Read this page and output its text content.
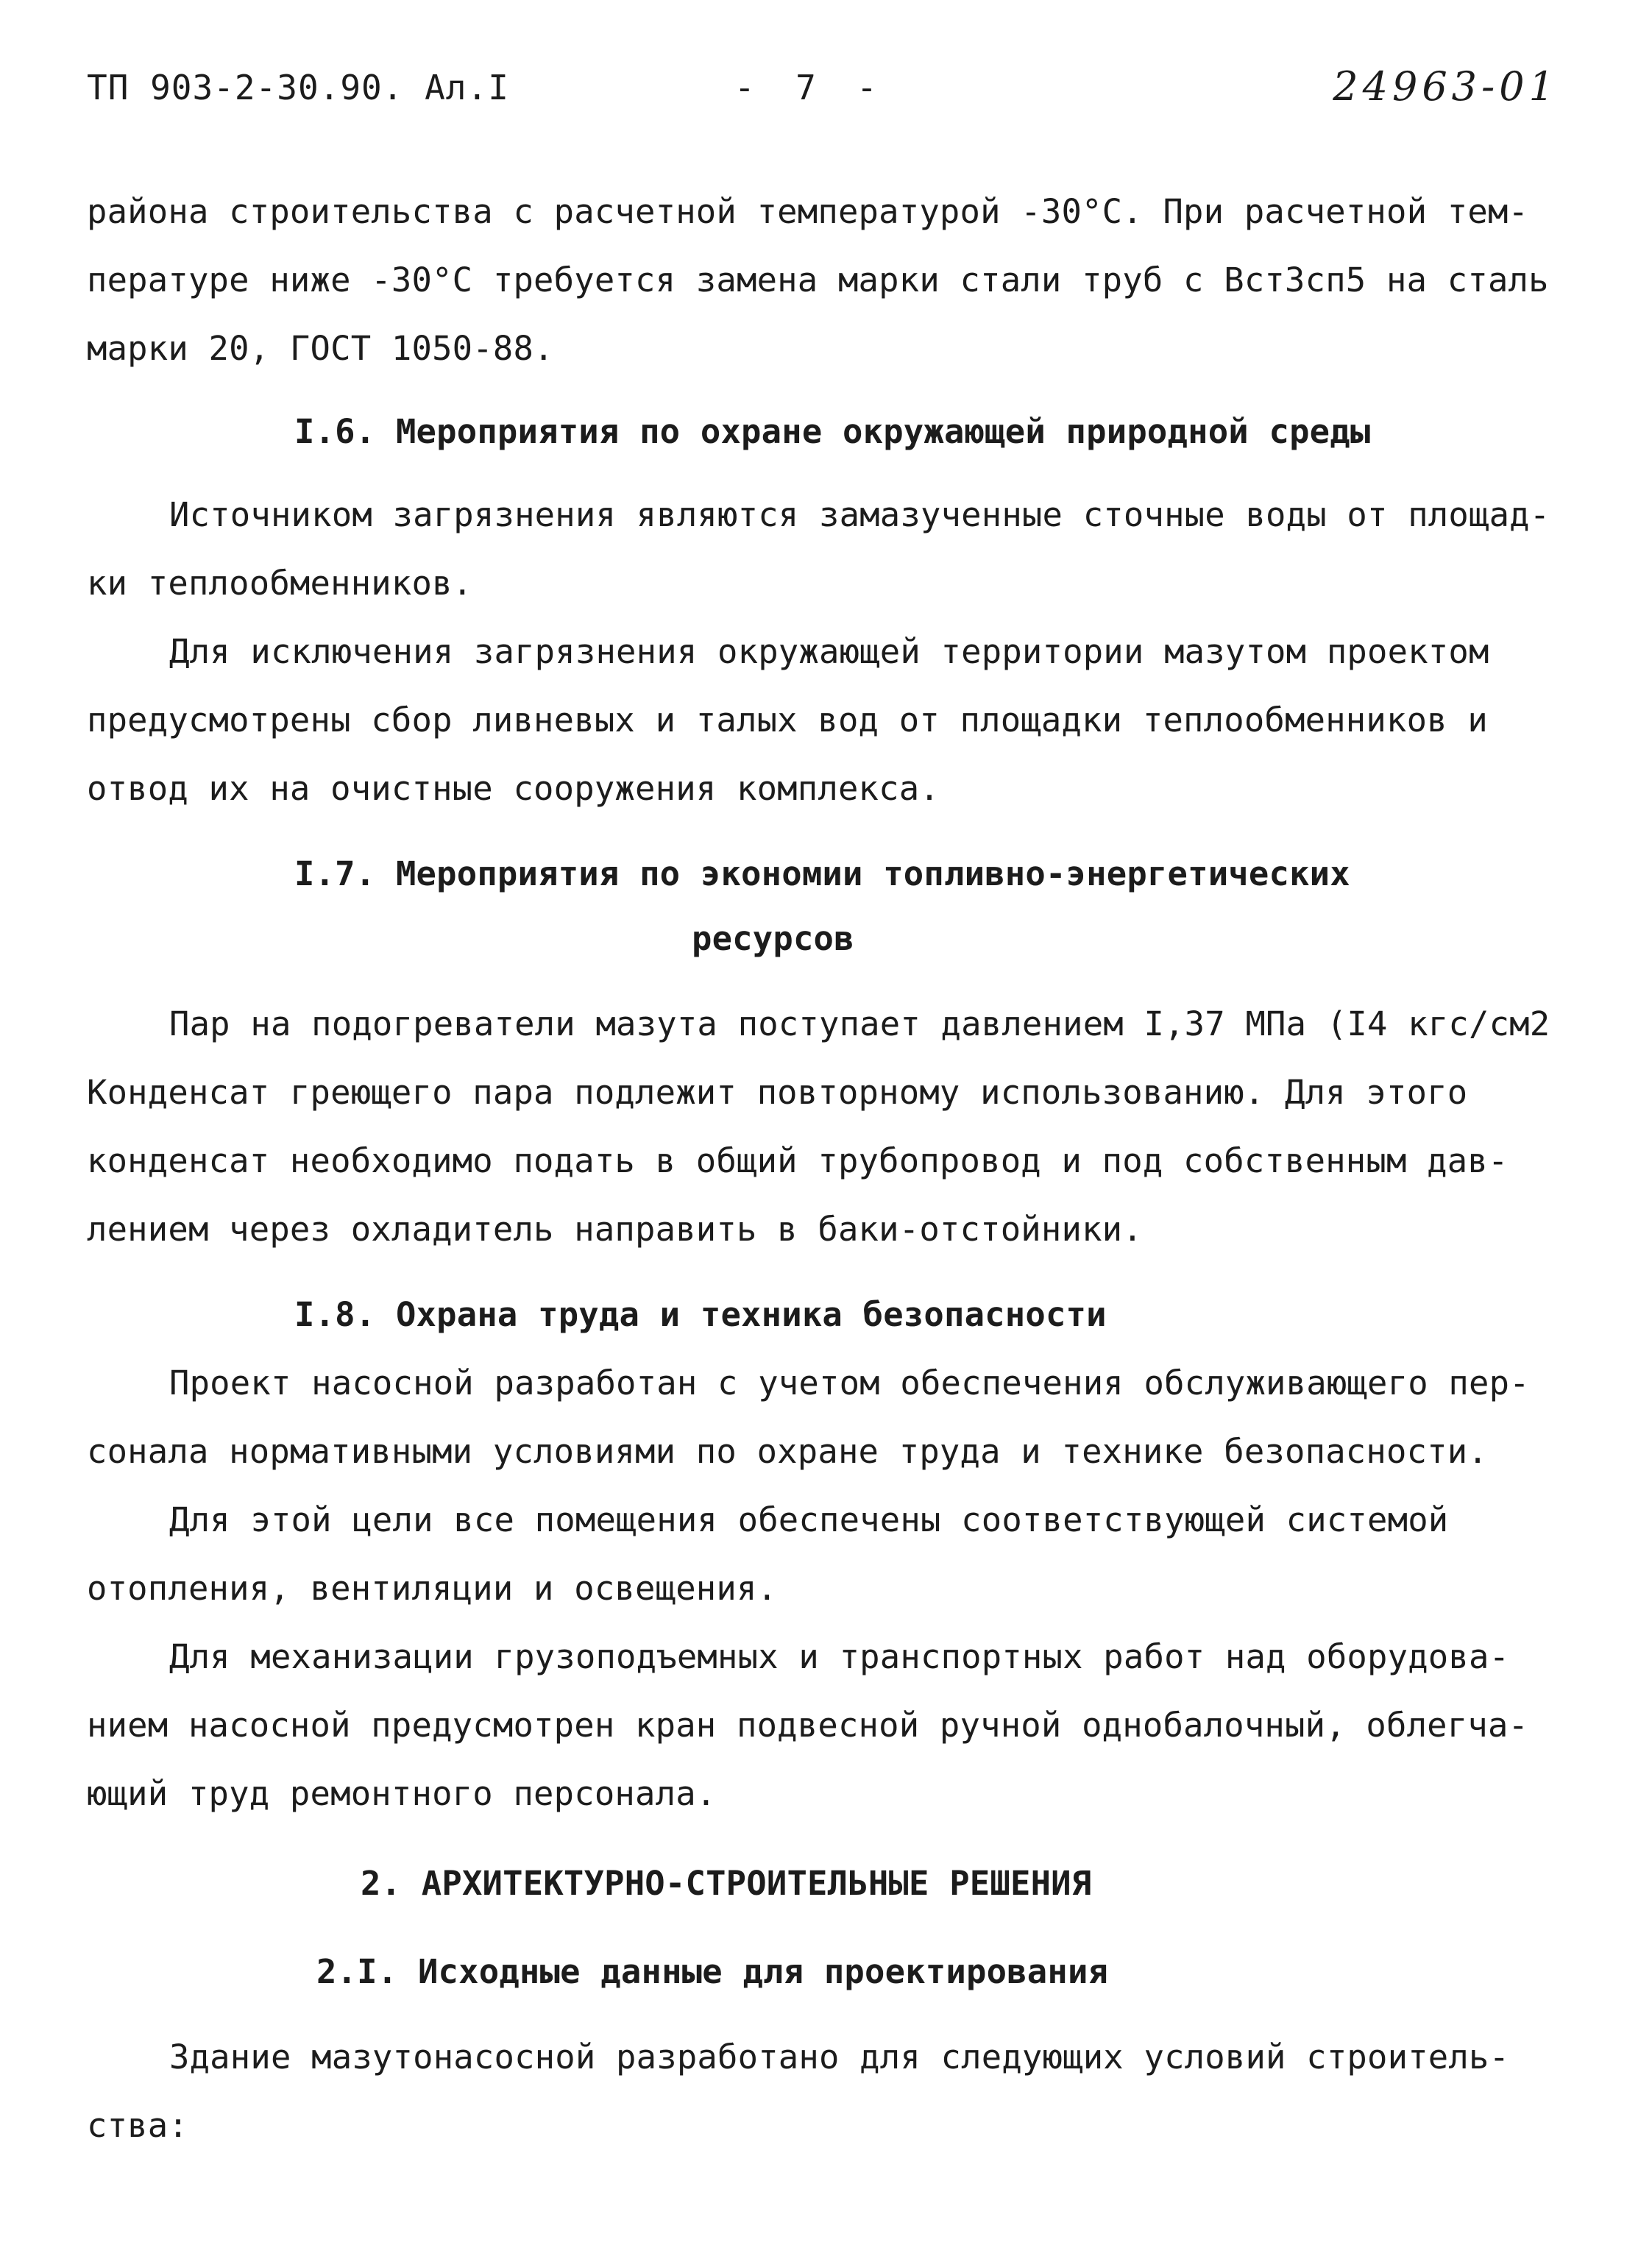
ТП 903-2-30.90. Ал.I	-  7  -	24963-01
района строительства с расчетной температурой -30°С. При расчетной тем-
пературе ниже -30°С требуется замена марки стали труб с ВстЗсп5 на сталь
марки 20, ГОСТ 1050-88.
I.6. Мероприятия по охране окружающей природной среды
Источником загрязнения являются замазученные сточные воды от площад-
ки теплообменников.
Для исключения загрязнения окружающей территории мазутом проектом
предусмотрены сбор ливневых и талых вод от площадки теплообменников и
отвод их на очистные сооружения комплекса.
I.7. Мероприятия по экономии топливно-энергетических
ресурсов
Пар на подогреватели мазута поступает давлением I,37 МПа (I4 кгс/см2
Конденсат греющего пара подлежит повторному использованию. Для этого
конденсат необходимо подать в общий трубопровод и под собственным дав-
лением через охладитель направить в баки-отстойники.
I.8. Охрана труда и техника безопасности
Проект насосной разработан с учетом обеспечения обслуживающего пер-
сонала нормативными условиями по охране труда и технике безопасности.
Для этой цели все помещения обеспечены соответствующей системой
отопления, вентиляции и освещения.
Для механизации грузоподъемных и транспортных работ над оборудова-
нием насосной предусмотрен кран подвесной ручной однобалочный, облегча-
ющий труд ремонтного персонала.
2. АРХИТЕКТУРНО-СТРОИТЕЛЬНЫЕ РЕШЕНИЯ
2.I. Исходные данные для проектирования
Здание мазутонасосной разработано для следующих условий строитель-
ства:
